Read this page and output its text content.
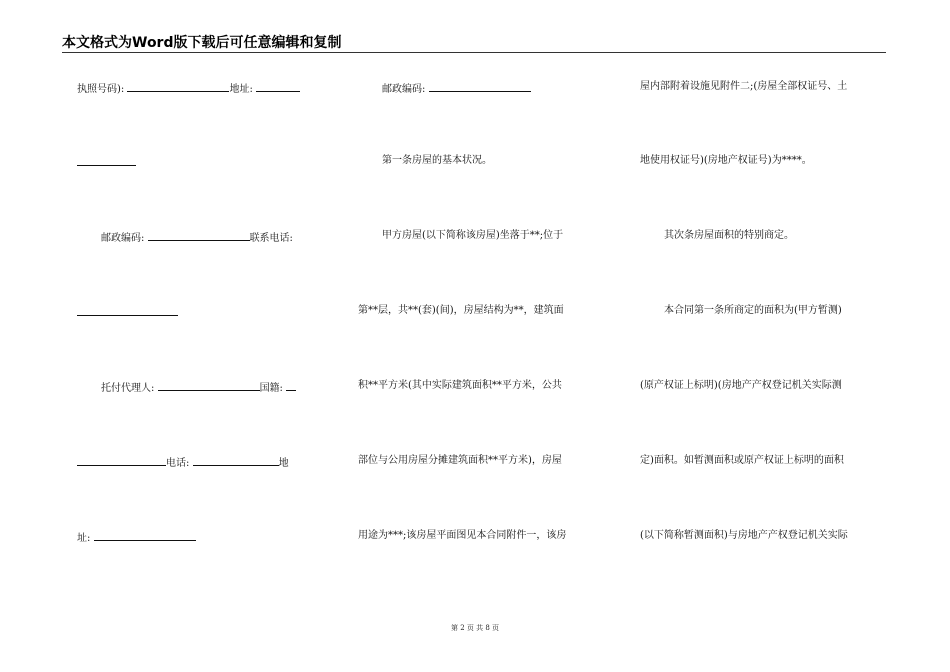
本文格式为Word版下载后可任意编辑和复制
执照号码):	地址:
邮政编码:	联系电话:
托付代理人:	国籍:
电话:	地
址:
邮政编码:
第一条房屋的基本状况。
甲方房屋(以下简称该房屋)坐落于**;位于
第**层，共**(套)(间)，房屋结构为**，建筑面
积**平方米(其中实际建筑面积**平方米，公共
部位与公用房屋分摊建筑面积**平方米)，房屋
用途为***;该房屋平面图见本合同附件一，该房
屋内部附着设施见附件二;(房屋全部权证号、土
地使用权证号)(房地产权证号)为****。
其次条房屋面积的特别商定。
本合同第一条所商定的面积为(甲方暂测)
(原产权证上标明)(房地产产权登记机关实际测
定)面积。如暂测面积或原产权证上标明的面积
(以下简称暂测面积)与房地产产权登记机关实际
第 2 页 共 8 页
